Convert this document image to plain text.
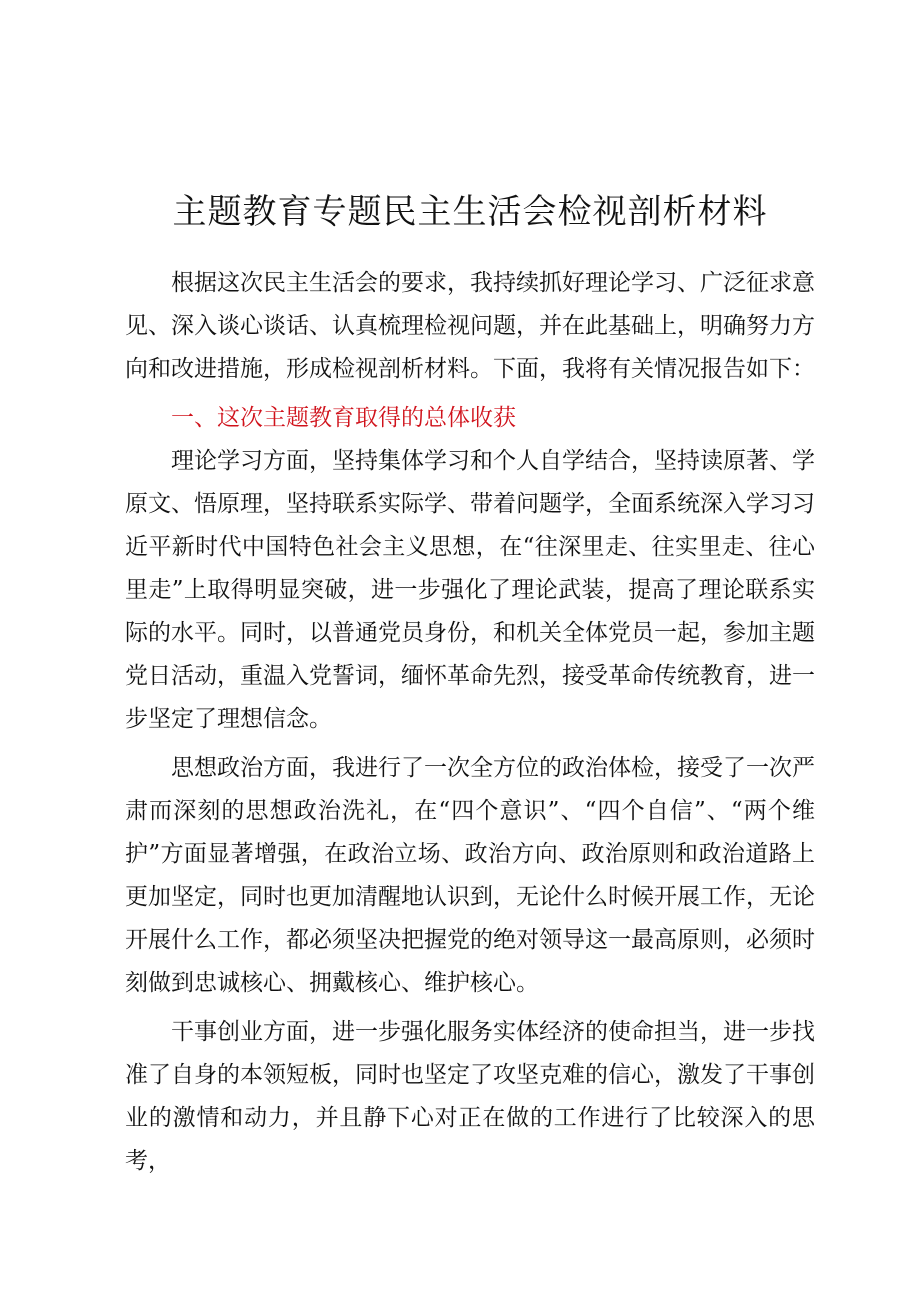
主题教育专题民主生活会检视剖析材料

根据这次民主生活会的要求，我持续抓好理论学习、广泛征求意见、深入谈心谈话、认真梳理检视问题，并在此基础上，明确努力方向和改进措施，形成检视剖析材料。下面，我将有关情况报告如下：

一、这次主题教育取得的总体收获

理论学习方面，坚持集体学习和个人自学结合，坚持读原著、学原文、悟原理，坚持联系实际学、带着问题学，全面系统深入学习习近平新时代中国特色社会主义思想，在“往深里走、往实里走、往心里走”上取得明显突破，进一步强化了理论武装，提高了理论联系实际的水平。同时，以普通党员身份，和机关全体党员一起，参加主题党日活动，重温入党誓词，缅怀革命先烈，接受革命传统教育，进一步坚定了理想信念。

思想政治方面，我进行了一次全方位的政治体检，接受了一次严肃而深刻的思想政治洗礼，在“四个意识”、“四个自信”、“两个维护”方面显著增强，在政治立场、政治方向、政治原则和政治道路上更加坚定，同时也更加清醒地认识到，无论什么时候开展工作，无论开展什么工作，都必须坚决把握党的绝对领导这一最高原则，必须时刻做到忠诚核心、拥戴核心、维护核心。

干事创业方面，进一步强化服务实体经济的使命担当，进一步找准了自身的本领短板，同时也坚定了攻坚克难的信心，激发了干事创业的激情和动力，并且静下心对正在做的工作进行了比较深入的思考，
